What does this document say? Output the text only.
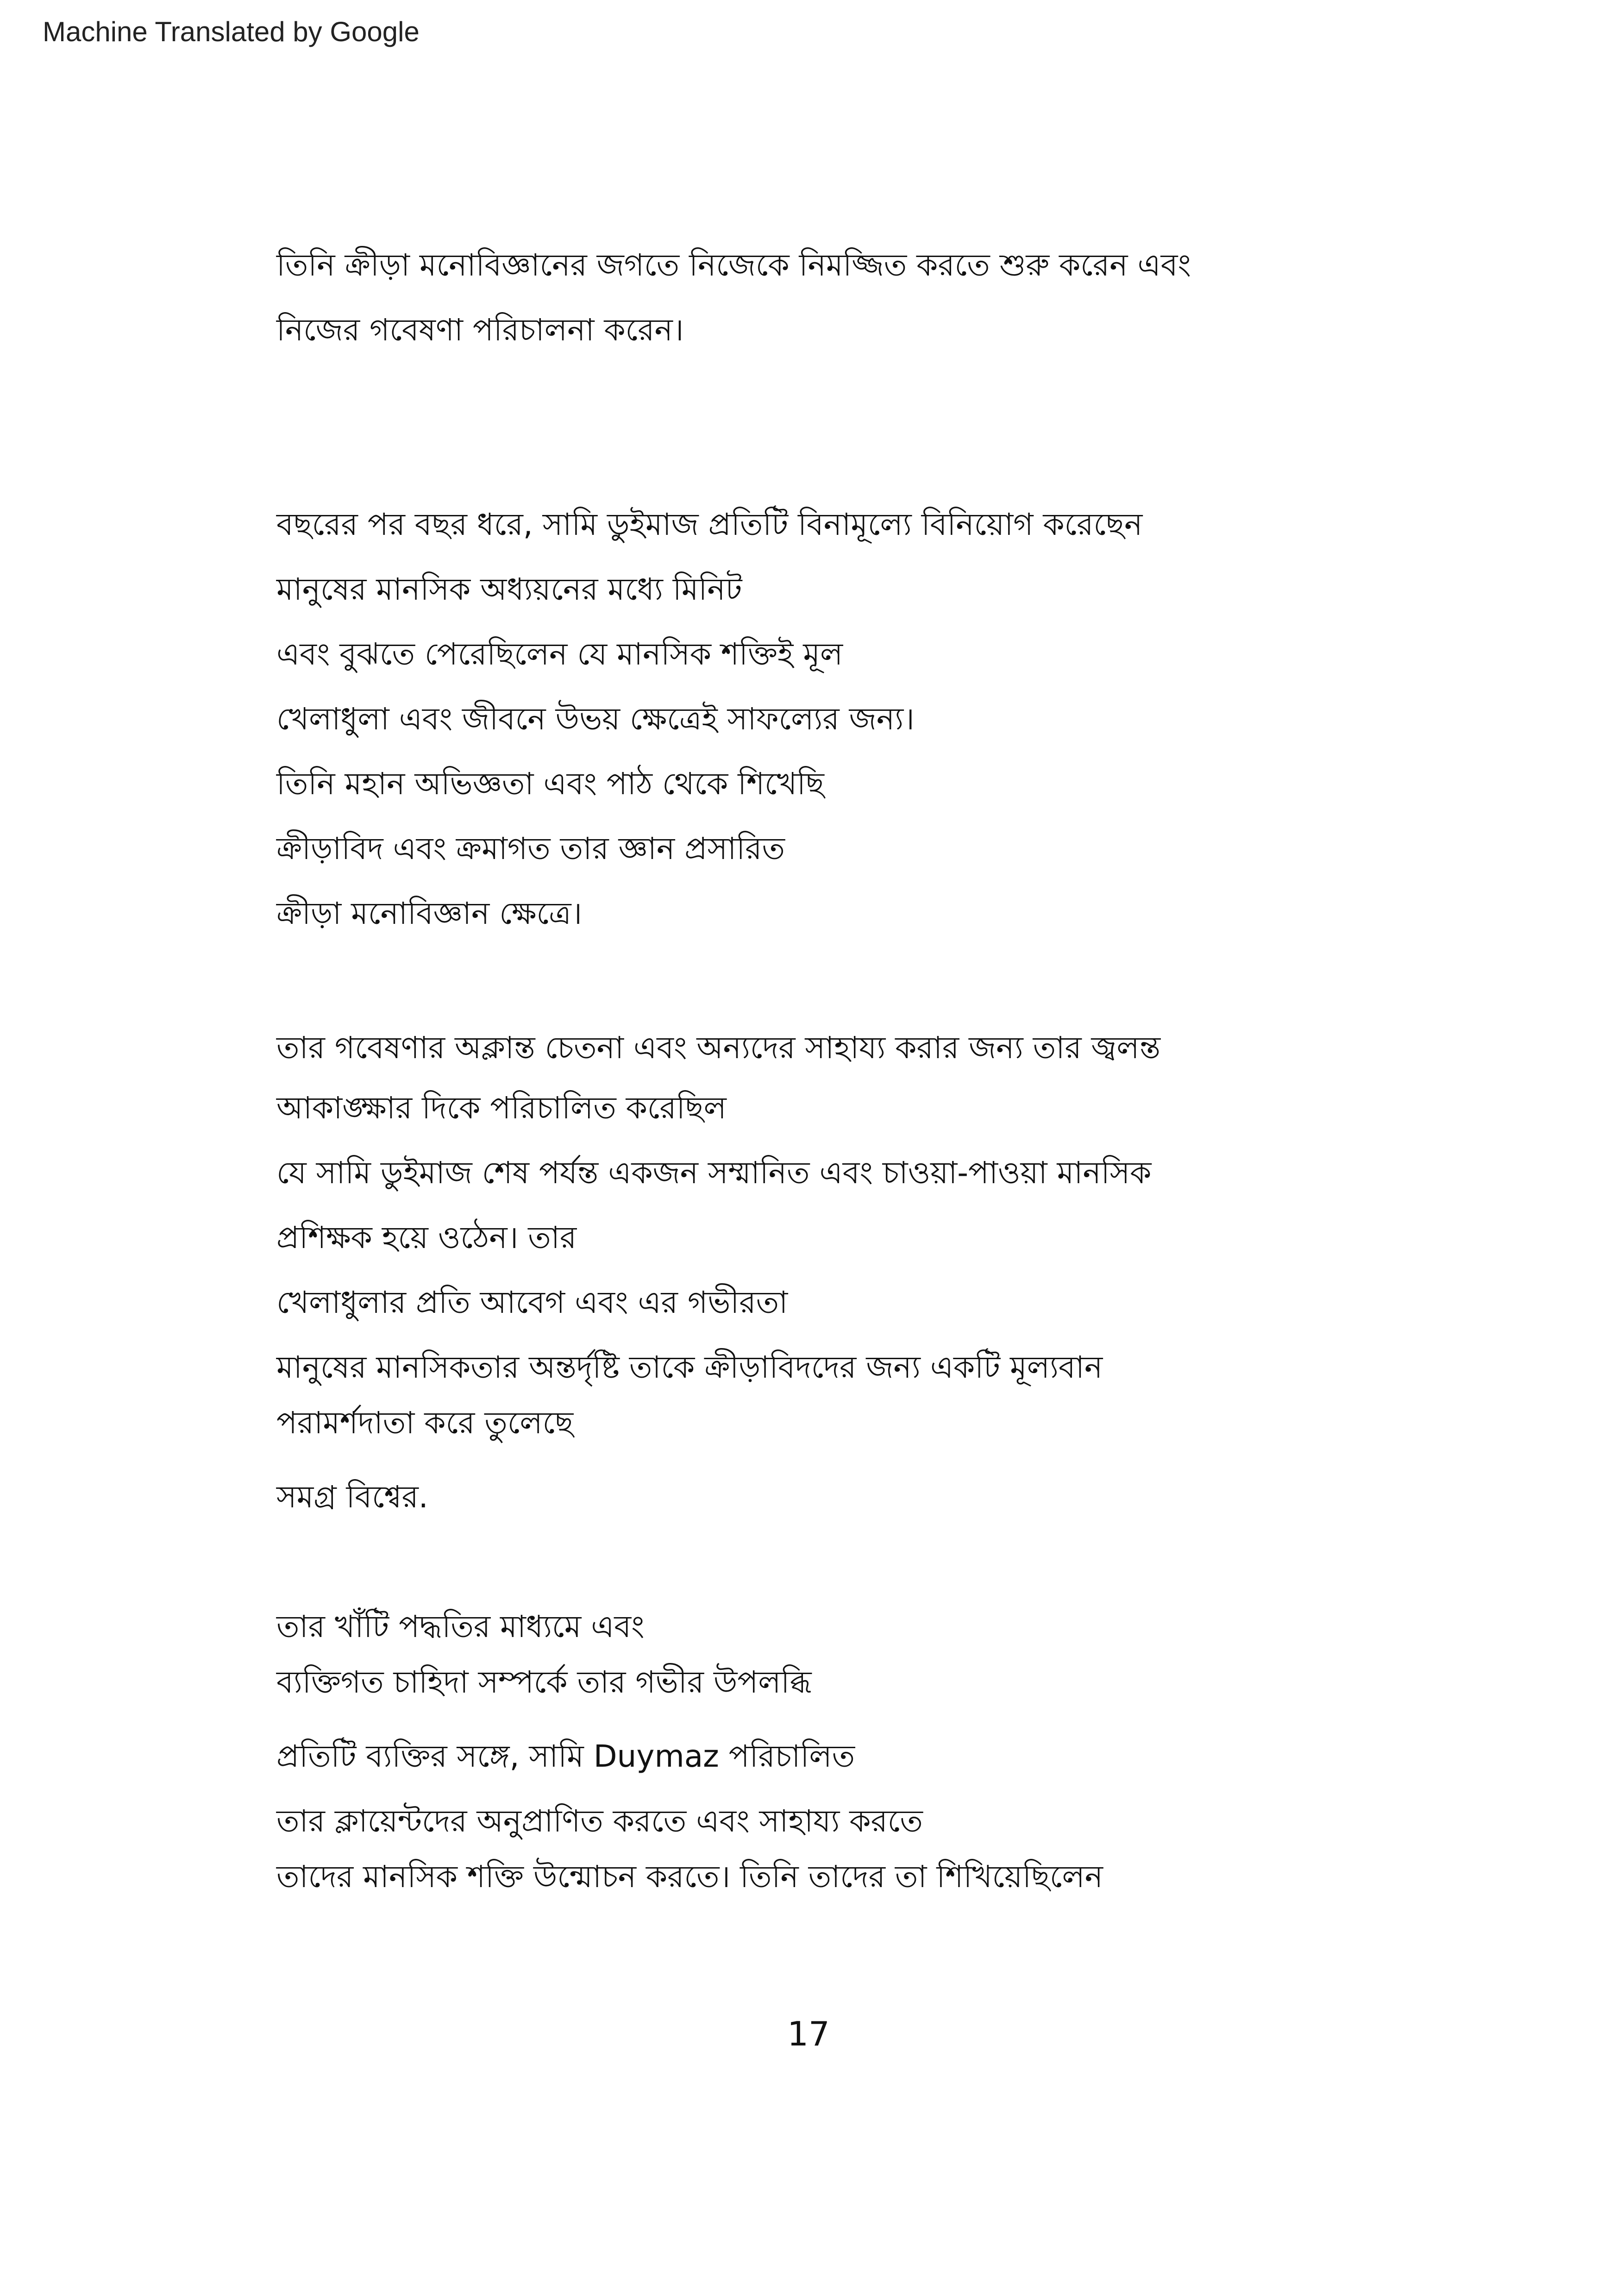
Machine Translated by Google
তিনি ক্রীড়া মনোবিজ্ঞানের জগতে নিজেকে নিমজ্জিত করতে শুরু করেন এবং
নিজের গবেষণা পরিচালনা করেন।
বছরের পর বছর ধরে, সামি ডুইমাজ প্রতিটি বিনামূল্যে বিনিয়োগ করেছেন
মানুষের মানসিক অধ্যয়নের মধ্যে মিনিট
এবং বুঝতে পেরেছিলেন যে মানসিক শক্তিই মূল
খেলাধুলা এবং জীবনে উভয় ক্ষেত্রেই সাফল্যের জন্য।
তিনি মহান অভিজ্ঞতা এবং পাঠ থেকে শিখেছি
ক্রীড়াবিদ এবং ক্রমাগত তার জ্ঞান প্রসারিত
ক্রীড়া মনোবিজ্ঞান ক্ষেত্রে।
তার গবেষণার অক্লান্ত চেতনা এবং অন্যদের সাহায্য করার জন্য তার জ্বলন্ত
আকাঙ্ক্ষার দিকে পরিচালিত করেছিল
যে সামি ডুইমাজ শেষ পর্যন্ত একজন সম্মানিত এবং চাওয়া-পাওয়া মানসিক
প্রশিক্ষক হয়ে ওঠেন। তার
খেলাধুলার প্রতি আবেগ এবং এর গভীরতা
মানুষের মানসিকতার অন্তর্দৃষ্টি তাকে ক্রীড়াবিদদের জন্য একটি মূল্যবান
পরামর্শদাতা করে তুলেছে
সমগ্র বিশ্বের.
তার খাঁটি পদ্ধতির মাধ্যমে এবং
ব্যক্তিগত চাহিদা সম্পর্কে তার গভীর উপলব্ধি
প্রতিটি ব্যক্তির সঙ্গে, সামি Duymaz পরিচালিত
তার ক্লায়েন্টদের অনুপ্রাণিত করতে এবং সাহায্য করতে
তাদের মানসিক শক্তি উন্মোচন করতে। তিনি তাদের তা শিখিয়েছিলেন
17
